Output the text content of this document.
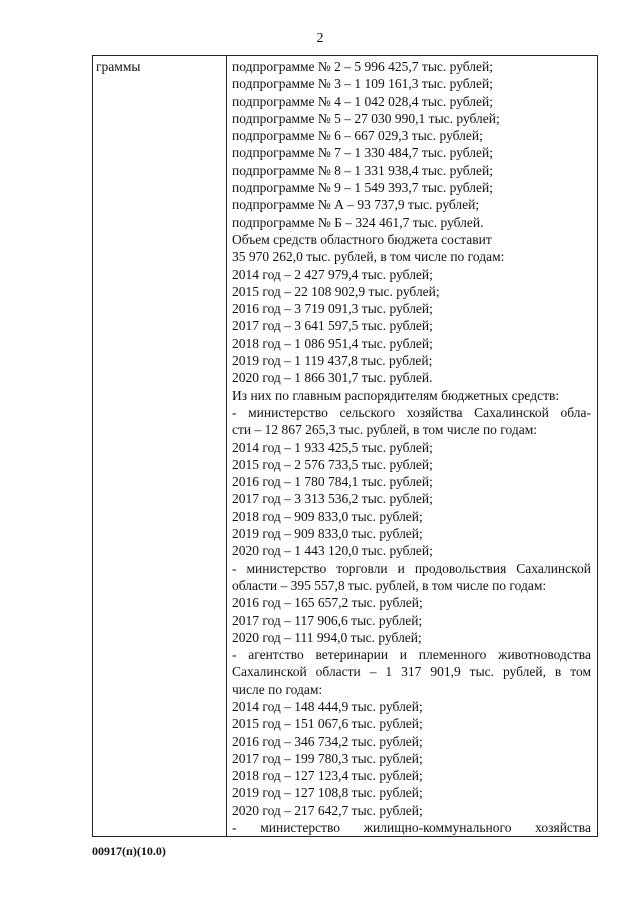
2
граммы	подпрограмме № 2 – 5 996 425,7 тыс. рублей;
подпрограмме № 3 – 1 109 161,3 тыс. рублей;
подпрограмме № 4 – 1 042 028,4 тыс. рублей;
подпрограмме № 5 – 27 030 990,1 тыс. рублей;
подпрограмме № 6 – 667 029,3 тыс. рублей;
подпрограмме № 7 – 1 330 484,7 тыс. рублей;
подпрограмме № 8 – 1 331 938,4 тыс. рублей;
подпрограмме № 9 – 1 549 393,7 тыс. рублей;
подпрограмме № А – 93 737,9 тыс. рублей;
подпрограмме № Б – 324 461,7 тыс. рублей.
Объем средств областного бюджета составит
35 970 262,0 тыс. рублей, в том числе по годам:
2014 год – 2 427 979,4 тыс. рублей;
2015 год – 22 108 902,9 тыс. рублей;
2016 год – 3 719 091,3 тыс. рублей;
2017 год – 3 641 597,5 тыс. рублей;
2018 год – 1 086 951,4 тыс. рублей;
2019 год – 1 119 437,8 тыс. рублей;
2020 год – 1 866 301,7 тыс. рублей.
Из них по главным распорядителям бюджетных средств:
- министерство сельского хозяйства Сахалинской обла-
сти – 12 867 265,3 тыс. рублей, в том числе по годам:
2014 год – 1 933 425,5 тыс. рублей;
2015 год – 2 576 733,5 тыс. рублей;
2016 год – 1 780 784,1 тыс. рублей;
2017 год – 3 313 536,2 тыс. рублей;
2018 год – 909 833,0 тыс. рублей;
2019 год – 909 833,0 тыс. рублей;
2020 год – 1 443 120,0 тыс. рублей;
- министерство торговли и продовольствия Сахалинской
области – 395 557,8 тыс. рублей, в том числе по годам:
2016 год – 165 657,2 тыс. рублей;
2017 год – 117 906,6 тыс. рублей;
2020 год – 111 994,0 тыс. рублей;
- агентство ветеринарии и племенного животноводства
Сахалинской области – 1 317 901,9 тыс. рублей, в том
числе по годам:
2014 год – 148 444,9 тыс. рублей;
2015 год – 151 067,6 тыс. рублей;
2016 год – 346 734,2 тыс. рублей;
2017 год – 199 780,3 тыс. рублей;
2018 год – 127 123,4 тыс. рублей;
2019 год – 127 108,8 тыс. рублей;
2020 год – 217 642,7 тыс. рублей;
- министерство жилищно-коммунального хозяйства
00917(п)(10.0)
